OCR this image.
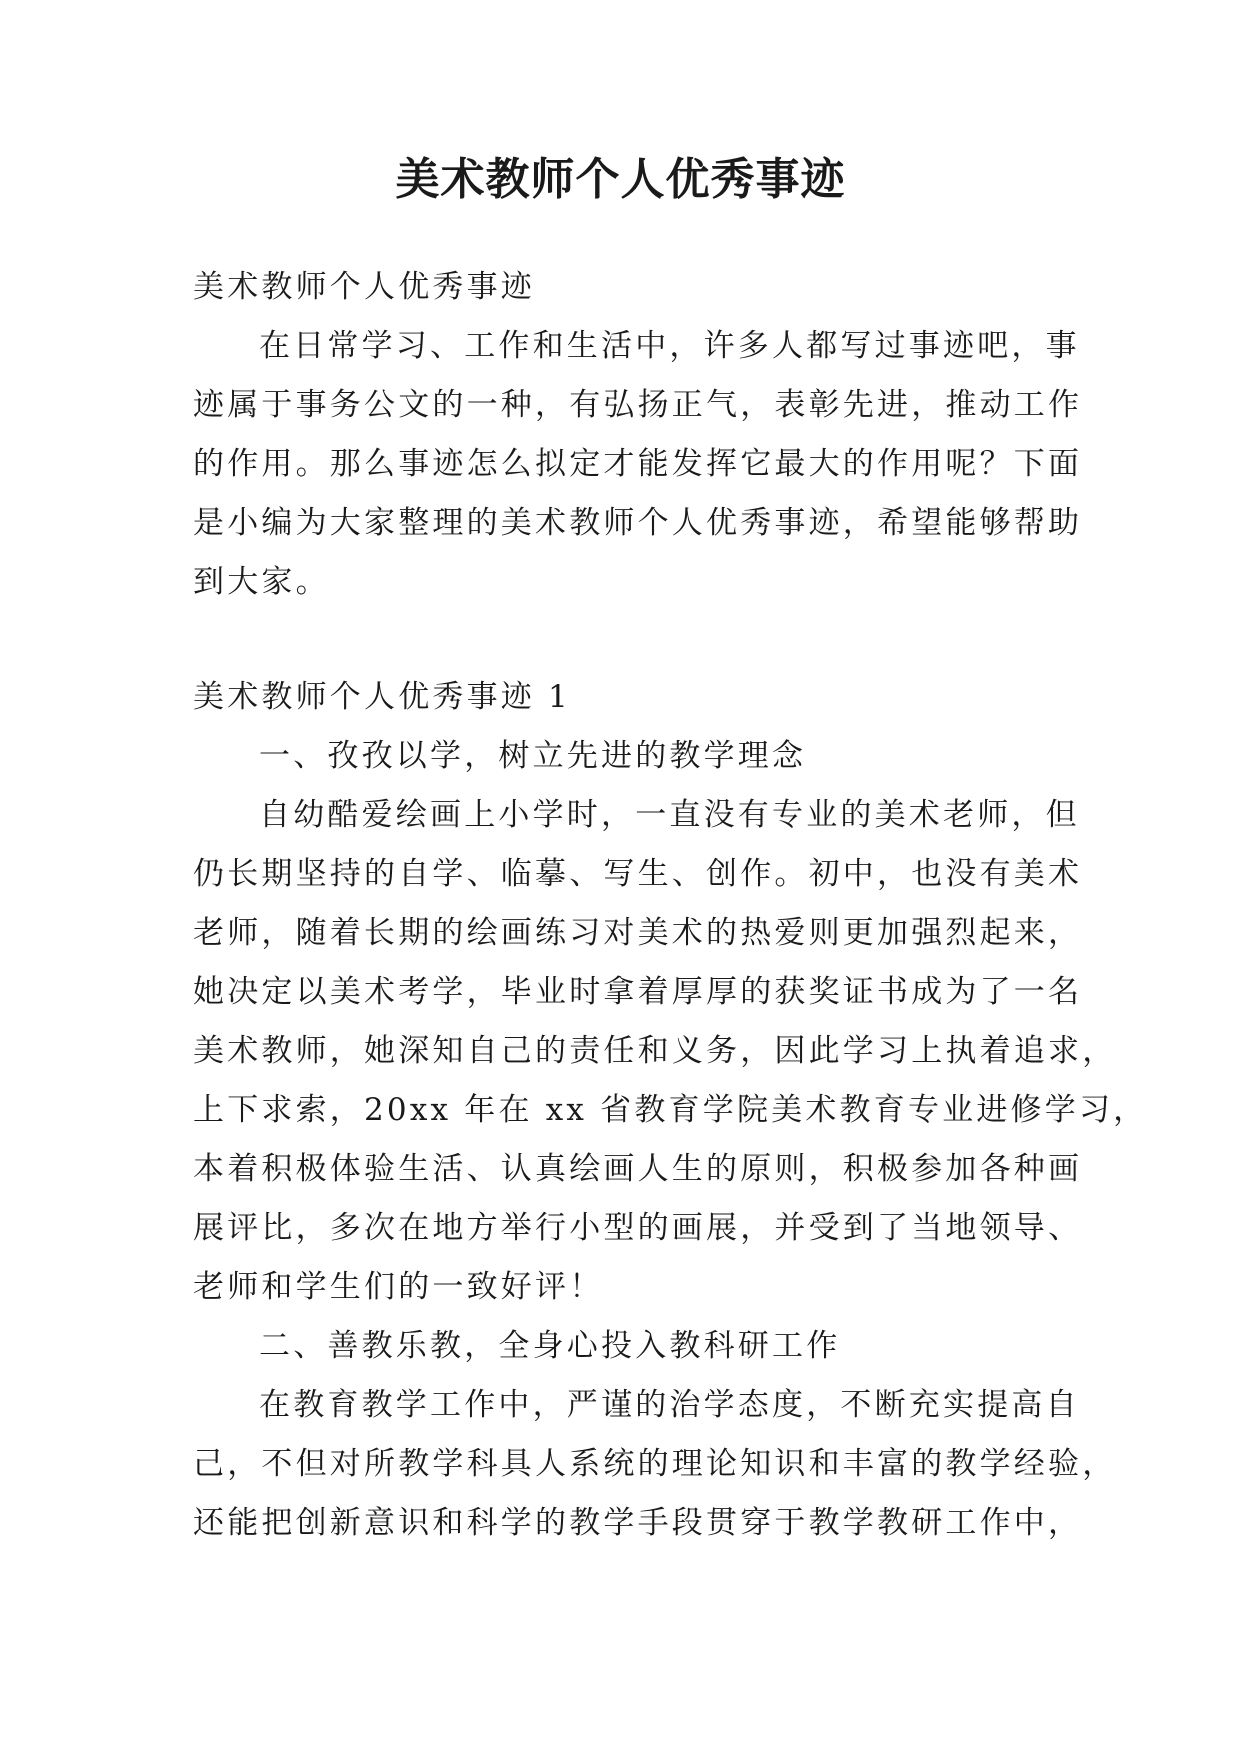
美术教师个人优秀事迹

美术教师个人优秀事迹

在日常学习、工作和生活中，许多人都写过事迹吧，事

迹属于事务公文的一种，有弘扬正气，表彰先进，推动工作

的作用。那么事迹怎么拟定才能发挥它最大的作用呢？下面

是小编为大家整理的美术教师个人优秀事迹，希望能够帮助

到大家。

美术教师个人优秀事迹 1

一、孜孜以学，树立先进的教学理念

自幼酷爱绘画上小学时，一直没有专业的美术老师，但

仍长期坚持的自学、临摹、写生、创作。初中，也没有美术

老师，随着长期的绘画练习对美术的热爱则更加强烈起来，

她决定以美术考学，毕业时拿着厚厚的获奖证书成为了一名

美术教师，她深知自己的责任和义务，因此学习上执着追求，

上下求索，20xx 年在 xx 省教育学院美术教育专业进修学习，

本着积极体验生活、认真绘画人生的原则，积极参加各种画

展评比，多次在地方举行小型的画展，并受到了当地领导、

老师和学生们的一致好评！

二、善教乐教，全身心投入教科研工作

在教育教学工作中，严谨的治学态度，不断充实提高自

己，不但对所教学科具人系统的理论知识和丰富的教学经验，

还能把创新意识和科学的教学手段贯穿于教学教研工作中，
